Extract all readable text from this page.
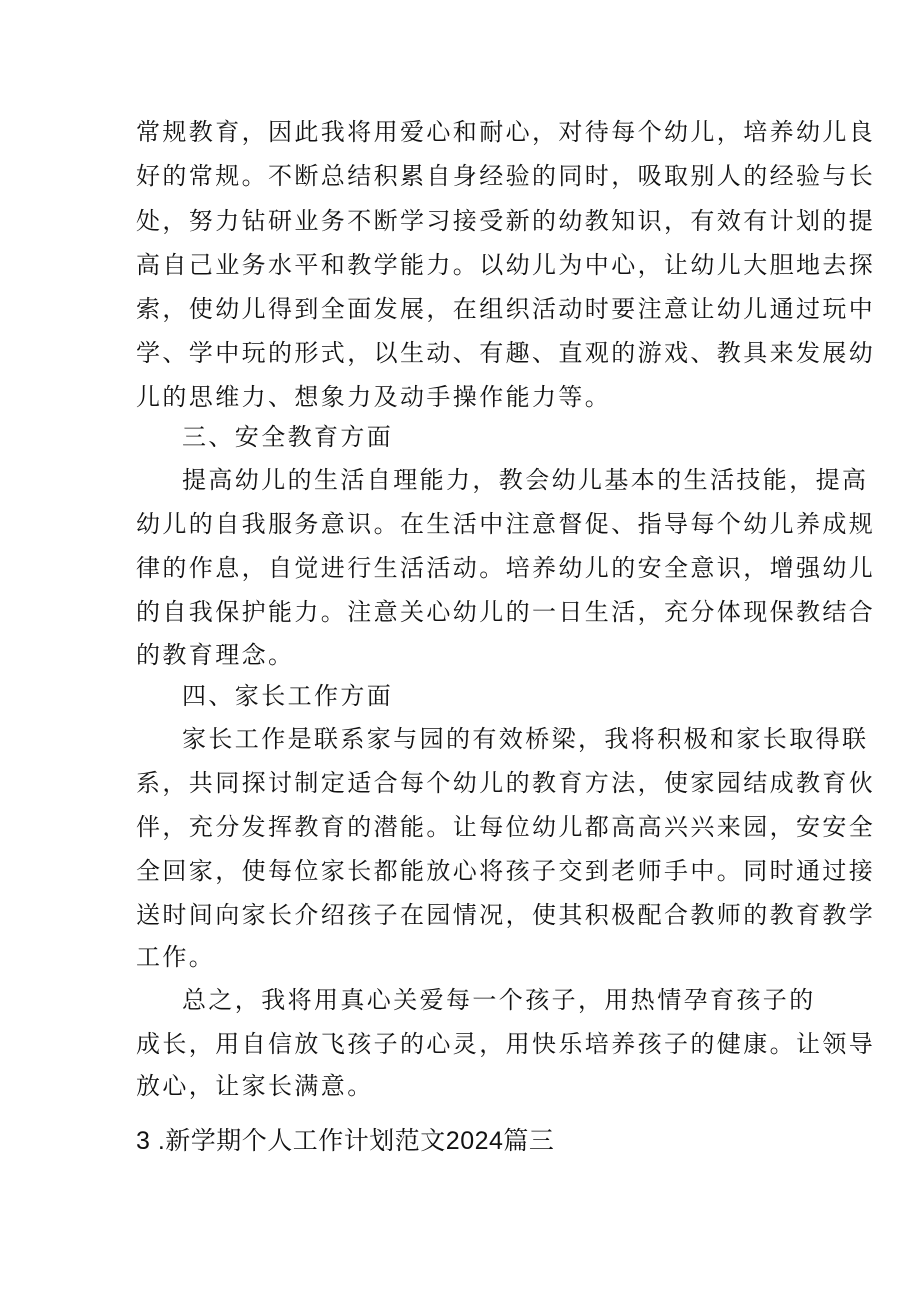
常规教育，因此我将用爱心和耐心，对待每个幼儿，培养幼儿良
好的常规。不断总结积累自身经验的同时，吸取别人的经验与长
处，努力钻研业务不断学习接受新的幼教知识，有效有计划的提
高自己业务水平和教学能力。以幼儿为中心，让幼儿大胆地去探
索，使幼儿得到全面发展，在组织活动时要注意让幼儿通过玩中
学、学中玩的形式，以生动、有趣、直观的游戏、教具来发展幼
儿的思维力、想象力及动手操作能力等。
三、安全教育方面
提高幼儿的生活自理能力，教会幼儿基本的生活技能，提高
幼儿的自我服务意识。在生活中注意督促、指导每个幼儿养成规
律的作息，自觉进行生活活动。培养幼儿的安全意识，增强幼儿
的自我保护能力。注意关心幼儿的一日生活，充分体现保教结合
的教育理念。
四、家长工作方面
家长工作是联系家与园的有效桥梁，我将积极和家长取得联
系，共同探讨制定适合每个幼儿的教育方法，使家园结成教育伙
伴，充分发挥教育的潜能。让每位幼儿都高高兴兴来园，安安全
全回家，使每位家长都能放心将孩子交到老师手中。同时通过接
送时间向家长介绍孩子在园情况，使其积极配合教师的教育教学
工作。
总之，我将用真心关爱每一个孩子，用热情孕育孩子的
成长，用自信放飞孩子的心灵，用快乐培养孩子的健康。让领导
放心，让家长满意。
3 .新学期个人工作计划范文2024篇三
